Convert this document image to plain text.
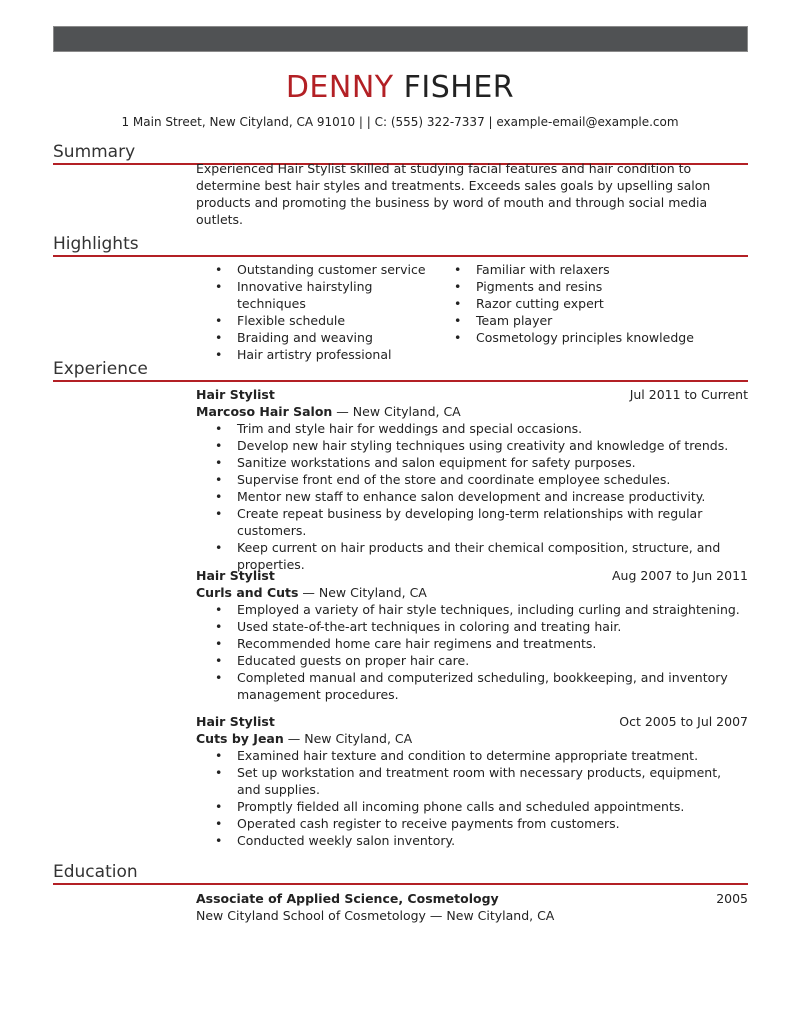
DENNY FISHER
1 Main Street, New Cityland, CA 91010 | | C: (555) 322-7337 | example-email@example.com
Summary
Experienced Hair Stylist skilled at studying facial features and hair condition to determine best hair styles and treatments. Exceeds sales goals by upselling salon products and promoting the business by word of mouth and through social media outlets.
Highlights
• Outstanding customer service
• Innovative hairstyling techniques
• Flexible schedule
• Braiding and weaving
• Hair artistry professional
• Familiar with relaxers
• Pigments and resins
• Razor cutting expert
• Team player
• Cosmetology principles knowledge
Experience
Hair Stylist	Jul 2011 to Current
Marcoso Hair Salon — New Cityland, CA
• Trim and style hair for weddings and special occasions.
• Develop new hair styling techniques using creativity and knowledge of trends.
• Sanitize workstations and salon equipment for safety purposes.
• Supervise front end of the store and coordinate employee schedules.
• Mentor new staff to enhance salon development and increase productivity.
• Create repeat business by developing long-term relationships with regular customers.
• Keep current on hair products and their chemical composition, structure, and properties.
Hair Stylist	Aug 2007 to Jun 2011
Curls and Cuts — New Cityland, CA
• Employed a variety of hair style techniques, including curling and straightening.
• Used state-of-the-art techniques in coloring and treating hair.
• Recommended home care hair regimens and treatments.
• Educated guests on proper hair care.
• Completed manual and computerized scheduling, bookkeeping, and inventory management procedures.
Hair Stylist	Oct 2005 to Jul 2007
Cuts by Jean — New Cityland, CA
• Examined hair texture and condition to determine appropriate treatment.
• Set up workstation and treatment room with necessary products, equipment, and supplies.
• Promptly fielded all incoming phone calls and scheduled appointments.
• Operated cash register to receive payments from customers.
• Conducted weekly salon inventory.
Education
Associate of Applied Science, Cosmetology	2005
New Cityland School of Cosmetology — New Cityland, CA
